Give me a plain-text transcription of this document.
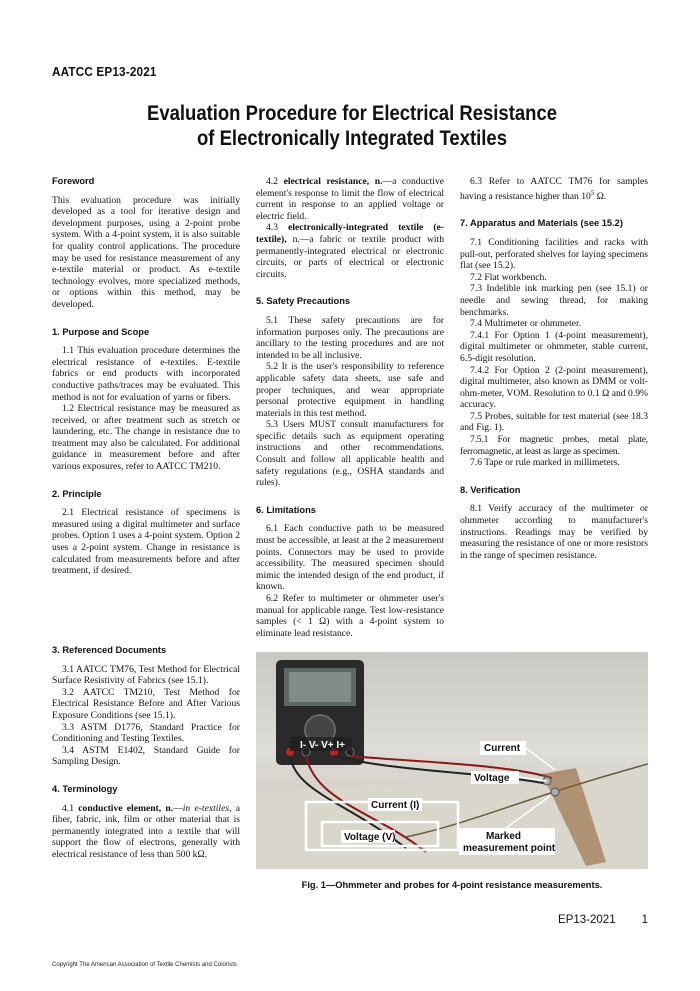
AATCC EP13-2021
Evaluation Procedure for Electrical Resistance
of Electronically Integrated Textiles
Foreword

This evaluation procedure was initially developed as a tool for iterative design and development purposes, using a 2-point probe system. With a 4-point system, it is also suitable for quality control applications. The procedure may be used for resistance measurement of any e-textile material or product. As e-textile technology evolves, more specialized methods, or options within this method, may be developed.

1. Purpose and Scope

1.1 This evaluation procedure determines the electrical resistance of e-textiles. E-textile fabrics or end products with incorporated conductive paths/traces may be evaluated. This method is not for evaluation of yarns or fibers.

1.2 Electrical resistance may be measured as received, or after treatment such as stretch or laundering, etc. The change in resistance due to treatment may also be calculated. For additional guidance in measurement before and after various exposures, refer to AATCC TM210.

2. Principle

2.1 Electrical resistance of specimens is measured using a digital multimeter and surface probes. Option 1 uses a 4-point system. Option 2 uses a 2-point system. Change in resistance is calculated from measurements before and after treatment, if desired.

3. Referenced Documents

3.1 AATCC TM76, Test Method for Electrical Surface Resistivity of Fabrics (see 15.1).

3.2 AATCC TM210, Test Method for Electrical Resistance Before and After Various Exposure Conditions (see 15.1).

3.3 ASTM D1776, Standard Practice for Conditioning and Testing Textiles.

3.4 ASTM E1402, Standard Guide for Sampling Design.

4. Terminology

4.1 conductive element, n.—in e-textiles, a fiber, fabric, ink, film or other material that is permanently integrated into a textile that will support the flow of electrons, generally with electrical resistance of less than 500 kΩ.

4.2 electrical resistance, n.—a conductive element's response to limit the flow of electrical current in response to an applied voltage or electric field.

4.3 electronically-integrated textile (e-textile), n.—a fabric or textile product with permanently-integrated electrical or electronic circuits, or parts of electrical or electronic circuits.

5. Safety Precautions

5.1 These safety precautions are for information purposes only. The precautions are ancillary to the testing procedures and are not intended to be all inclusive.

5.2 It is the user's responsibility to reference applicable safety data sheets, use safe and proper techniques, and wear appropriate personal protective equipment in handling materials in this test method.

5.3 Users MUST consult manufacturers for specific details such as equipment operating instructions and other recommendations. Consult and follow all applicable health and safety regulations (e.g., OSHA standards and rules).

6. Limitations

6.1 Each conductive path to be measured must be accessible, at least at the 2 measurement points. Connectors may be used to provide accessibility. The measured specimen should mimic the intended design of the end product, if known.

6.2 Refer to multimeter or ohmmeter user's manual for applicable range. Test low-resistance samples (< 1 Ω) with a 4-point system to eliminate lead resistance.

6.3 Refer to AATCC TM76 for samples having a resistance higher than $10^5$ Ω.

7. Apparatus and Materials (see 15.2)

7.1 Conditioning facilities and racks with pull-out, perforated shelves for laying specimens flat (see 15.2).

7.2 Flat workbench.

7.3 Indelible ink marking pen (see 15.1) or needle and sewing thread, for making benchmarks.

7.4 Multimeter or ohmmeter.

7.4.1 For Option 1 (4-point measurement), digital multimeter or ohmmeter, stable current, 6.5-digit resolution.

7.4.2 For Option 2 (2-point measurement), digital multimeter, also known as DMM or volt-ohm-meter, VOM. Resolution to 0.1 Ω and 0.9% accuracy.

7.5 Probes, suitable for test material (see 18.3 and Fig. 1).

7.5.1 For magnetic probes, metal plate, ferromagnetic, at least as large as specimen.

7.6 Tape or rule marked in millimeters.

8. Verification

8.1 Verify accuracy of the multimeter or ohmmeter according to manufacturer's instructions. Readings may be verified by measuring the resistance of one or more resistors in the range of specimen resistance.

I- V- V+ I+	Current
Voltage
Current (I)
Voltage (V)	Marked
measurement point
Fig. 1—Ohmmeter and probes for 4-point resistance measurements.
EP13-2021 1
Copyright The American Association of Textile Chemists and Colorists
